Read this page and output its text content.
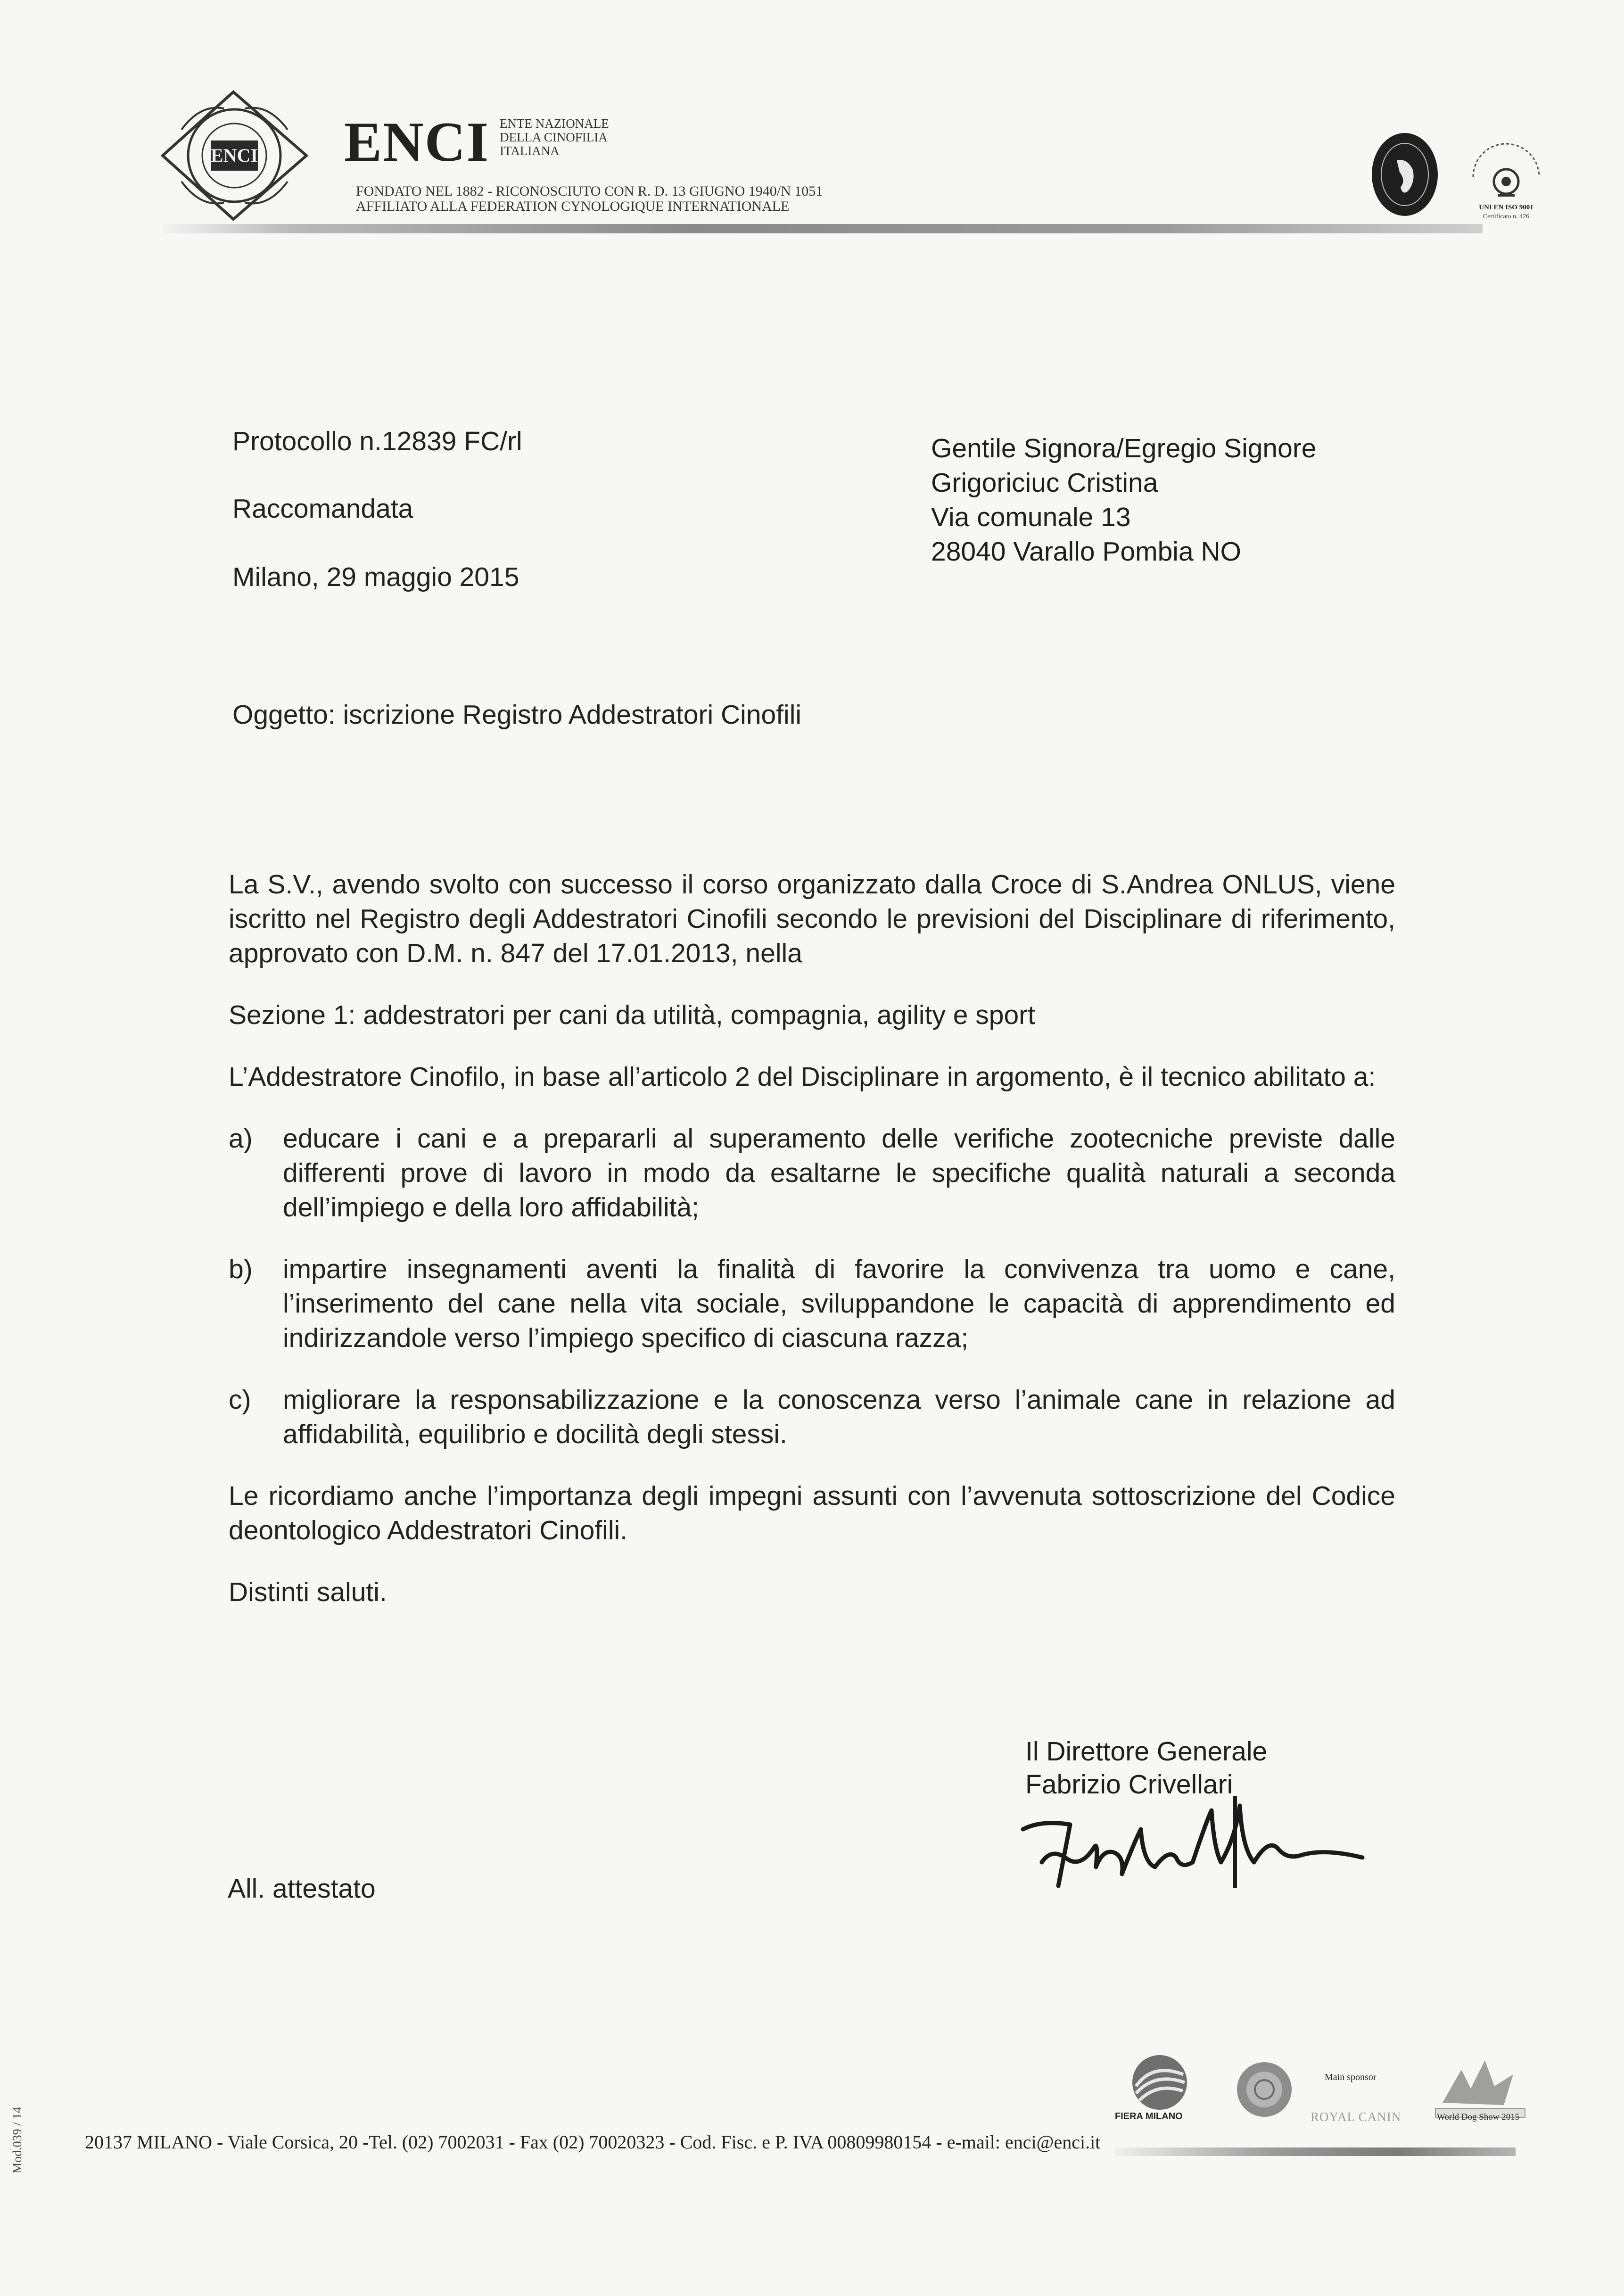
ENCI ENCI ENTE NAZIONALE
DELLA CINOFILIA
ITALIANA
FONDATO NEL 1882 - RICONOSCIUTO CON R. D. 13 GIUGNO 1940/N 1051
AFFILIATO ALLA FEDERATION CYNOLOGIQUE INTERNATIONALE	UNI EN ISO 9001
Certificato n. 426
Protocollo n.12839 FC/rl
Raccomandata
Milano, 29 maggio 2015
Gentile Signora/Egregio Signore
Grigoriciuc Cristina
Via comunale 13
28040 Varallo Pombia NO
Oggetto: iscrizione Registro Addestratori Cinofili

La S.V., avendo svolto con successo il corso organizzato dalla Croce di S.Andrea ONLUS, viene iscritto nel Registro degli Addestratori Cinofili secondo le previsioni del Disciplinare di riferimento, approvato con D.M. n. 847 del 17.01.2013, nella

Sezione 1: addestratori per cani da utilità, compagnia, agility e sport

L’Addestratore Cinofilo, in base all’articolo 2 del Disciplinare in argomento, è il tecnico abilitato a:

a) educare i cani e a prepararli al superamento delle verifiche zootecniche previste dalle differenti prove di lavoro in modo da esaltarne le specifiche qualità naturali a seconda dell’impiego e della loro affidabilità;
b) impartire insegnamenti aventi la finalità di favorire la convivenza tra uomo e cane, l’inserimento del cane nella vita sociale, sviluppandone le capacità di apprendimento ed indirizzandole verso l’impiego specifico di ciascuna razza;
c) migliorare la responsabilizzazione e la conoscenza verso l’animale cane in relazione ad affidabilità, equilibrio e docilità degli stessi.

Le ricordiamo anche l’importanza degli impegni assunti con l’avvenuta sottoscrizione del Codice deontologico Addestratori Cinofili.

Distinti saluti.

Il Direttore Generale
Fabrizio Crivellari
All. attestato
Mod.039 / 14	20137 MILANO - Viale Corsica, 20 -Tel. (02) 7002031 - Fax (02) 70020323 - Cod. Fisc. e P. IVA 00809980154 - e-mail: enci@enci.it
FIERA MILANO
Main sponsor
ROYAL CANIN	World Dog Show 2015
